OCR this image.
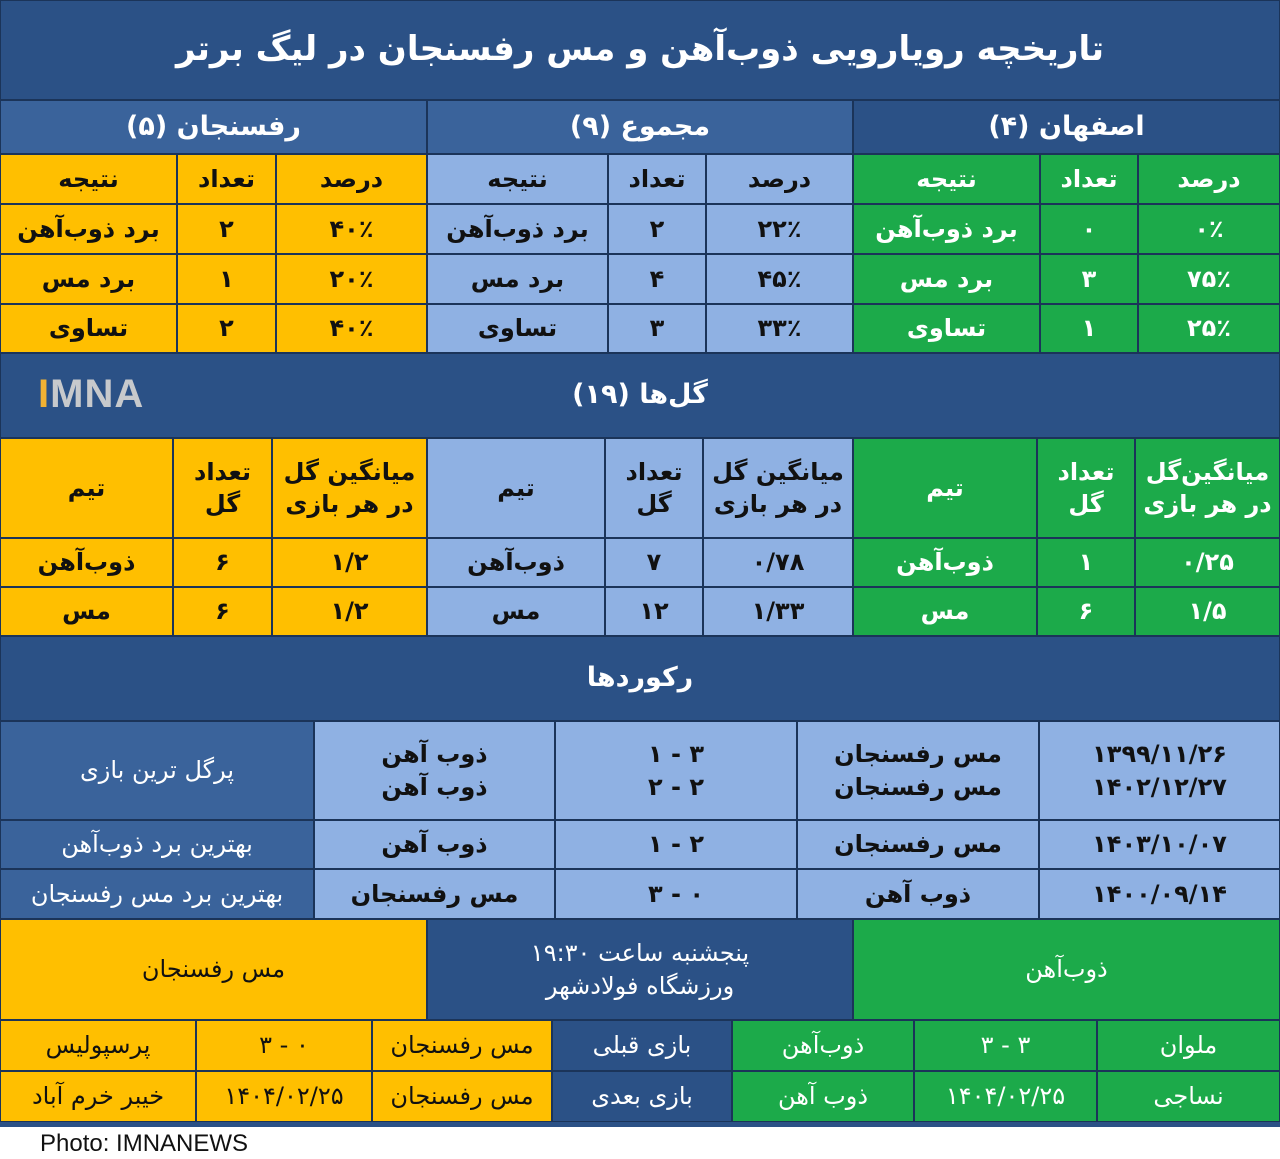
تاریخچه رویارویی ذوب‌آهن و مس رفسنجان در لیگ برتر
اصفهان (۴)
مجموع (۹)
رفسنجان (۵)
درصد
تعداد
نتیجه
درصد
تعداد
نتیجه
درصد
تعداد
نتیجه
۰٪
۰
برد ذوب‌آهن
۲۲٪
۲
برد ذوب‌آهن
۴۰٪
۲
برد ذوب‌آهن
۷۵٪
۳
برد مس
۴۵٪
۴
برد مس
۲۰٪
۱
برد مس
۲۵٪
۱
تساوی
۳۳٪
۳
تساوی
۴۰٪
۲
تساوی
گل‌ها (۱۹)
IMNA
میانگین‌گل
در هر بازی
تعداد
گل
تیم
میانگین گل
در هر بازی
تعداد
گل
تیم
میانگین گل
در هر بازی
تعداد
گل
تیم
۰/۲۵
۱
ذوب‌آهن
۰/۷۸
۷
ذوب‌آهن
۱/۲
۶
ذوب‌آهن
۱/۵
۶
مس
۱/۳۳
۱۲
مس
۱/۲
۶
مس
رکوردها
۱۳۹۹/۱۱/۲۶
۱۴۰۲/۱۲/۲۷
مس رفسنجان
مس رفسنجان
۳ - ۱
۲ - ۲
ذوب آهن
ذوب آهن
پرگل ترین بازی
۱۴۰۳/۱۰/۰۷
مس رفسنجان
۲ - ۱
ذوب آهن
بهترین برد ذوب‌آهن
۱۴۰۰/۰۹/۱۴
ذوب آهن
۰ - ۳
مس رفسنجان
بهترین برد مس رفسنجان
ذوب‌آهن
پنجشنبه ساعت ۱۹:۳۰
ورزشگاه فولادشهر
مس رفسنجان
ملوان
۳ - ۳
ذوب‌آهن
بازی قبلی
مس رفسنجان
۰ - ۳
پرسپولیس
نساجی
۱۴۰۴/۰۲/۲۵
ذوب آهن
بازی بعدی
مس رفسنجان
۱۴۰۴/۰۲/۲۵
خیبر خرم آباد
Photo: IMNANEWS
